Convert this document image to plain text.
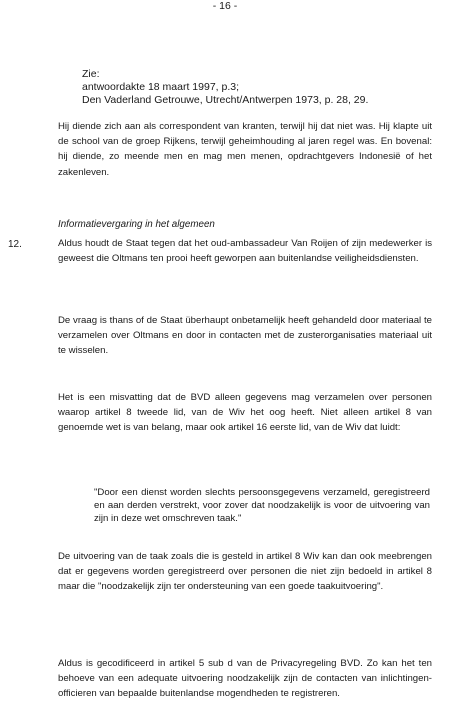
- 16 -
Zie:
antwoordakte 18 maart 1997, p.3;
Den Vaderland Getrouwe, Utrecht/Antwerpen 1973, p. 28, 29.

Hij diende zich aan als correspondent van kranten, terwijl hij dat niet was. Hij klapte uit de school van de groep Rijkens, terwijl geheimhouding al jaren regel was. En bovenal: hij diende, zo meende men en mag men menen, opdrachtgevers Indonesië of het zakenleven.

Informatievergaring in het algemeen

12.	Aldus houdt de Staat tegen dat het oud-ambassadeur Van Roijen of zijn medewerker is geweest die Oltmans ten prooi heeft geworpen aan buitenlandse veiligheidsdiensten.

De vraag is thans of de Staat überhaupt onbetamelijk heeft gehandeld door materiaal te verzamelen over Oltmans en door in contacten met de zusterorganisaties materiaal uit te wisselen.

Het is een misvatting dat de BVD alleen gegevens mag verzamelen over personen waarop artikel 8 tweede lid, van de Wiv het oog heeft. Niet alleen artikel 8 van genoemde wet is van belang, maar ook artikel 16 eerste lid, van de Wiv dat luidt:

"Door een dienst worden slechts persoonsgegevens verzameld, geregistreerd en aan derden verstrekt, voor zover dat noodzakelijk is voor de uitvoering van zijn in deze wet omschreven taak."

De uitvoering van de taak zoals die is gesteld in artikel 8 Wiv kan dan ook meebrengen dat er gegevens worden geregistreerd over personen die niet zijn bedoeld in artikel 8 maar die "noodzakelijk zijn ter ondersteuning van een goede taakuitvoering".

Aldus is gecodificeerd in artikel 5 sub d van de Privacyregeling BVD. Zo kan het ten behoeve van een adequate uitvoering noodzakelijk zijn de contacten van inlichtingen-officieren van bepaalde buitenlandse mogendheden te registreren.
